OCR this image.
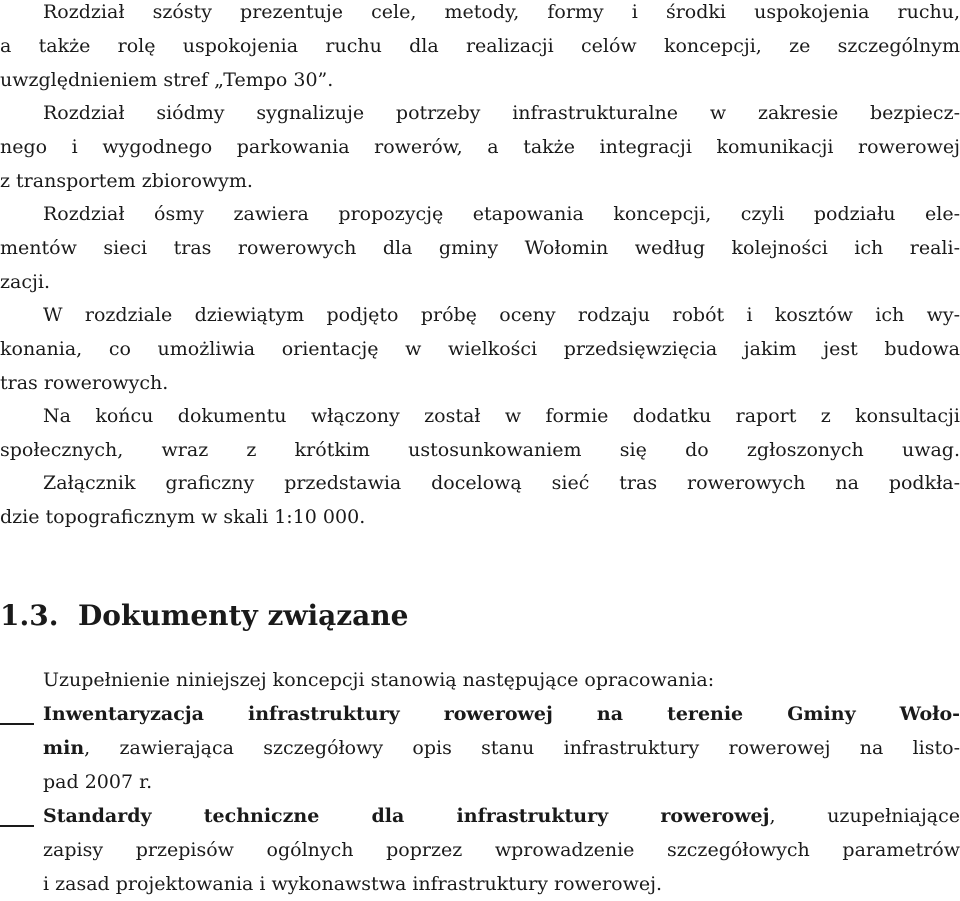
Rozdział szósty prezentuje cele, metody, formy i środki uspokojenia ruchu,
a także rolę uspokojenia ruchu dla realizacji celów koncepcji, ze szczególnym
uwzględnieniem stref „Tempo 30”.
Rozdział siódmy sygnalizuje potrzeby infrastrukturalne w zakresie bezpiecz-
nego i wygodnego parkowania rowerów, a także integracji komunikacji rowerowej
z transportem zbiorowym.
Rozdział ósmy zawiera propozycję etapowania koncepcji, czyli podziału ele-
mentów sieci tras rowerowych dla gminy Wołomin według kolejności ich reali-
zacji.
W rozdziale dziewiątym podjęto próbę oceny rodzaju robót i kosztów ich wy-
konania, co umożliwia orientację w wielkości przedsięwzięcia jakim jest budowa
tras rowerowych.
Na końcu dokumentu włączony został w formie dodatku raport z konsultacji
społecznych, wraz z krótkim ustosunkowaniem się do zgłoszonych uwag.
Załącznik graficzny przedstawia docelową sieć tras rowerowych na podkła-
dzie topograficznym w skali 1:10 000.
1.3. Dokumenty związane
Uzupełnienie niniejszej koncepcji stanowią następujące opracowania:
Inwentaryzacja infrastruktury rowerowej na terenie Gminy Woło-
min, zawierająca szczegółowy opis stanu infrastruktury rowerowej na listo-
pad 2007 r.
Standardy techniczne dla infrastruktury rowerowej, uzupełniające
zapisy przepisów ogólnych poprzez wprowadzenie szczegółowych parametrów
i zasad projektowania i wykonawstwa infrastruktury rowerowej.
